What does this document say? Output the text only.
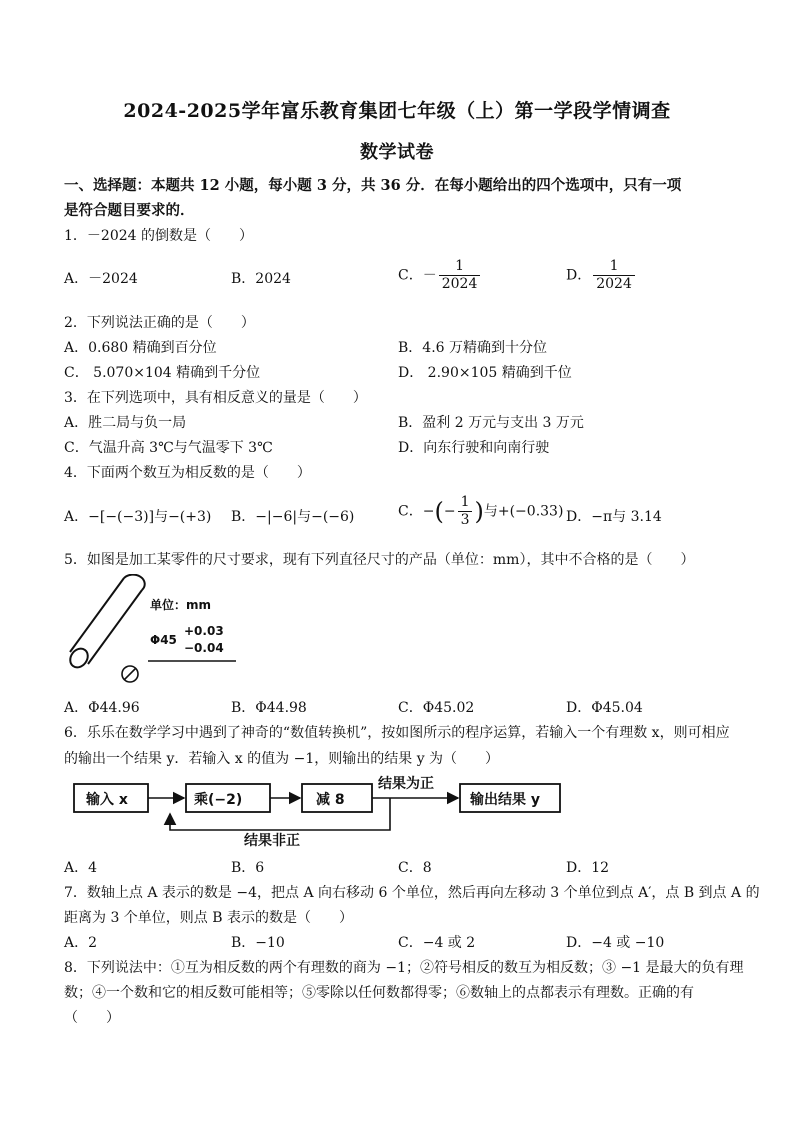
2024-2025学年富乐教育集团七年级（上）第一学段学情调查
数学试卷
一、选择题：本题共 12 小题，每小题 3 分，共 36 分．在每小题给出的四个选项中，只有一项
是符合题目要求的．
1．－2024 的倒数是（　　）
A．－2024	B．2024	C．－ $\frac{1}{2024}$	D． $\frac{1}{2024}$
2．下列说法正确的是（　　）
A．0.680 精确到百分位	B．4.6 万精确到十分位
C． 5.070×104 精确到千分位	D． 2.90×105 精确到千位
3．在下列选项中，具有相反意义的量是（　　）
A．胜二局与负一局	B．盈利 2 万元与支出 3 万元
C．气温升高 3℃与气温零下 3℃	D．向东行驶和向南行驶
4．下面两个数互为相反数的是（　　）
A．−[−(−3)]与−(+3) B．−|−6|与−(−6)	C．−(− $\frac{1}{3}$ )与+(−0.33) D．−π与 3.14
5．如图是加工某零件的尺寸要求，现有下列直径尺寸的产品（单位：mm），其中不合格的是（　　）
单位：mm
Φ45
+0.03
−0.04
A．Φ44.96	B．Φ44.98	C．Φ45.02	D．Φ45.04
6．乐乐在数学学习中遇到了神奇的“数值转换机”，按如图所示的程序运算，若输入一个有理数 x，则可相应
的输出一个结果 y．若输入 x 的值为 −1，则输出的结果 y 为（　　）
输入 x	乘(−2)	减 8
结果为正
输出结果 y
结果非正
A．4	B．6	C．8	D．12
7．数轴上点 A 表示的数是 −4，把点 A 向右移动 6 个单位，然后再向左移动 3 个单位到点 A′，点 B 到点 A 的
距离为 3 个单位，则点 B 表示的数是（　　）
A．2	B．−10	C．−4 或 2	D．−4 或 −10
8．下列说法中：①互为相反数的两个有理数的商为 −1；②符号相反的数互为相反数；③ −1 是最大的负有理
数；④一个数和它的相反数可能相等；⑤零除以任何数都得零；⑥数轴上的点都表示有理数。正确的有
（　　）
